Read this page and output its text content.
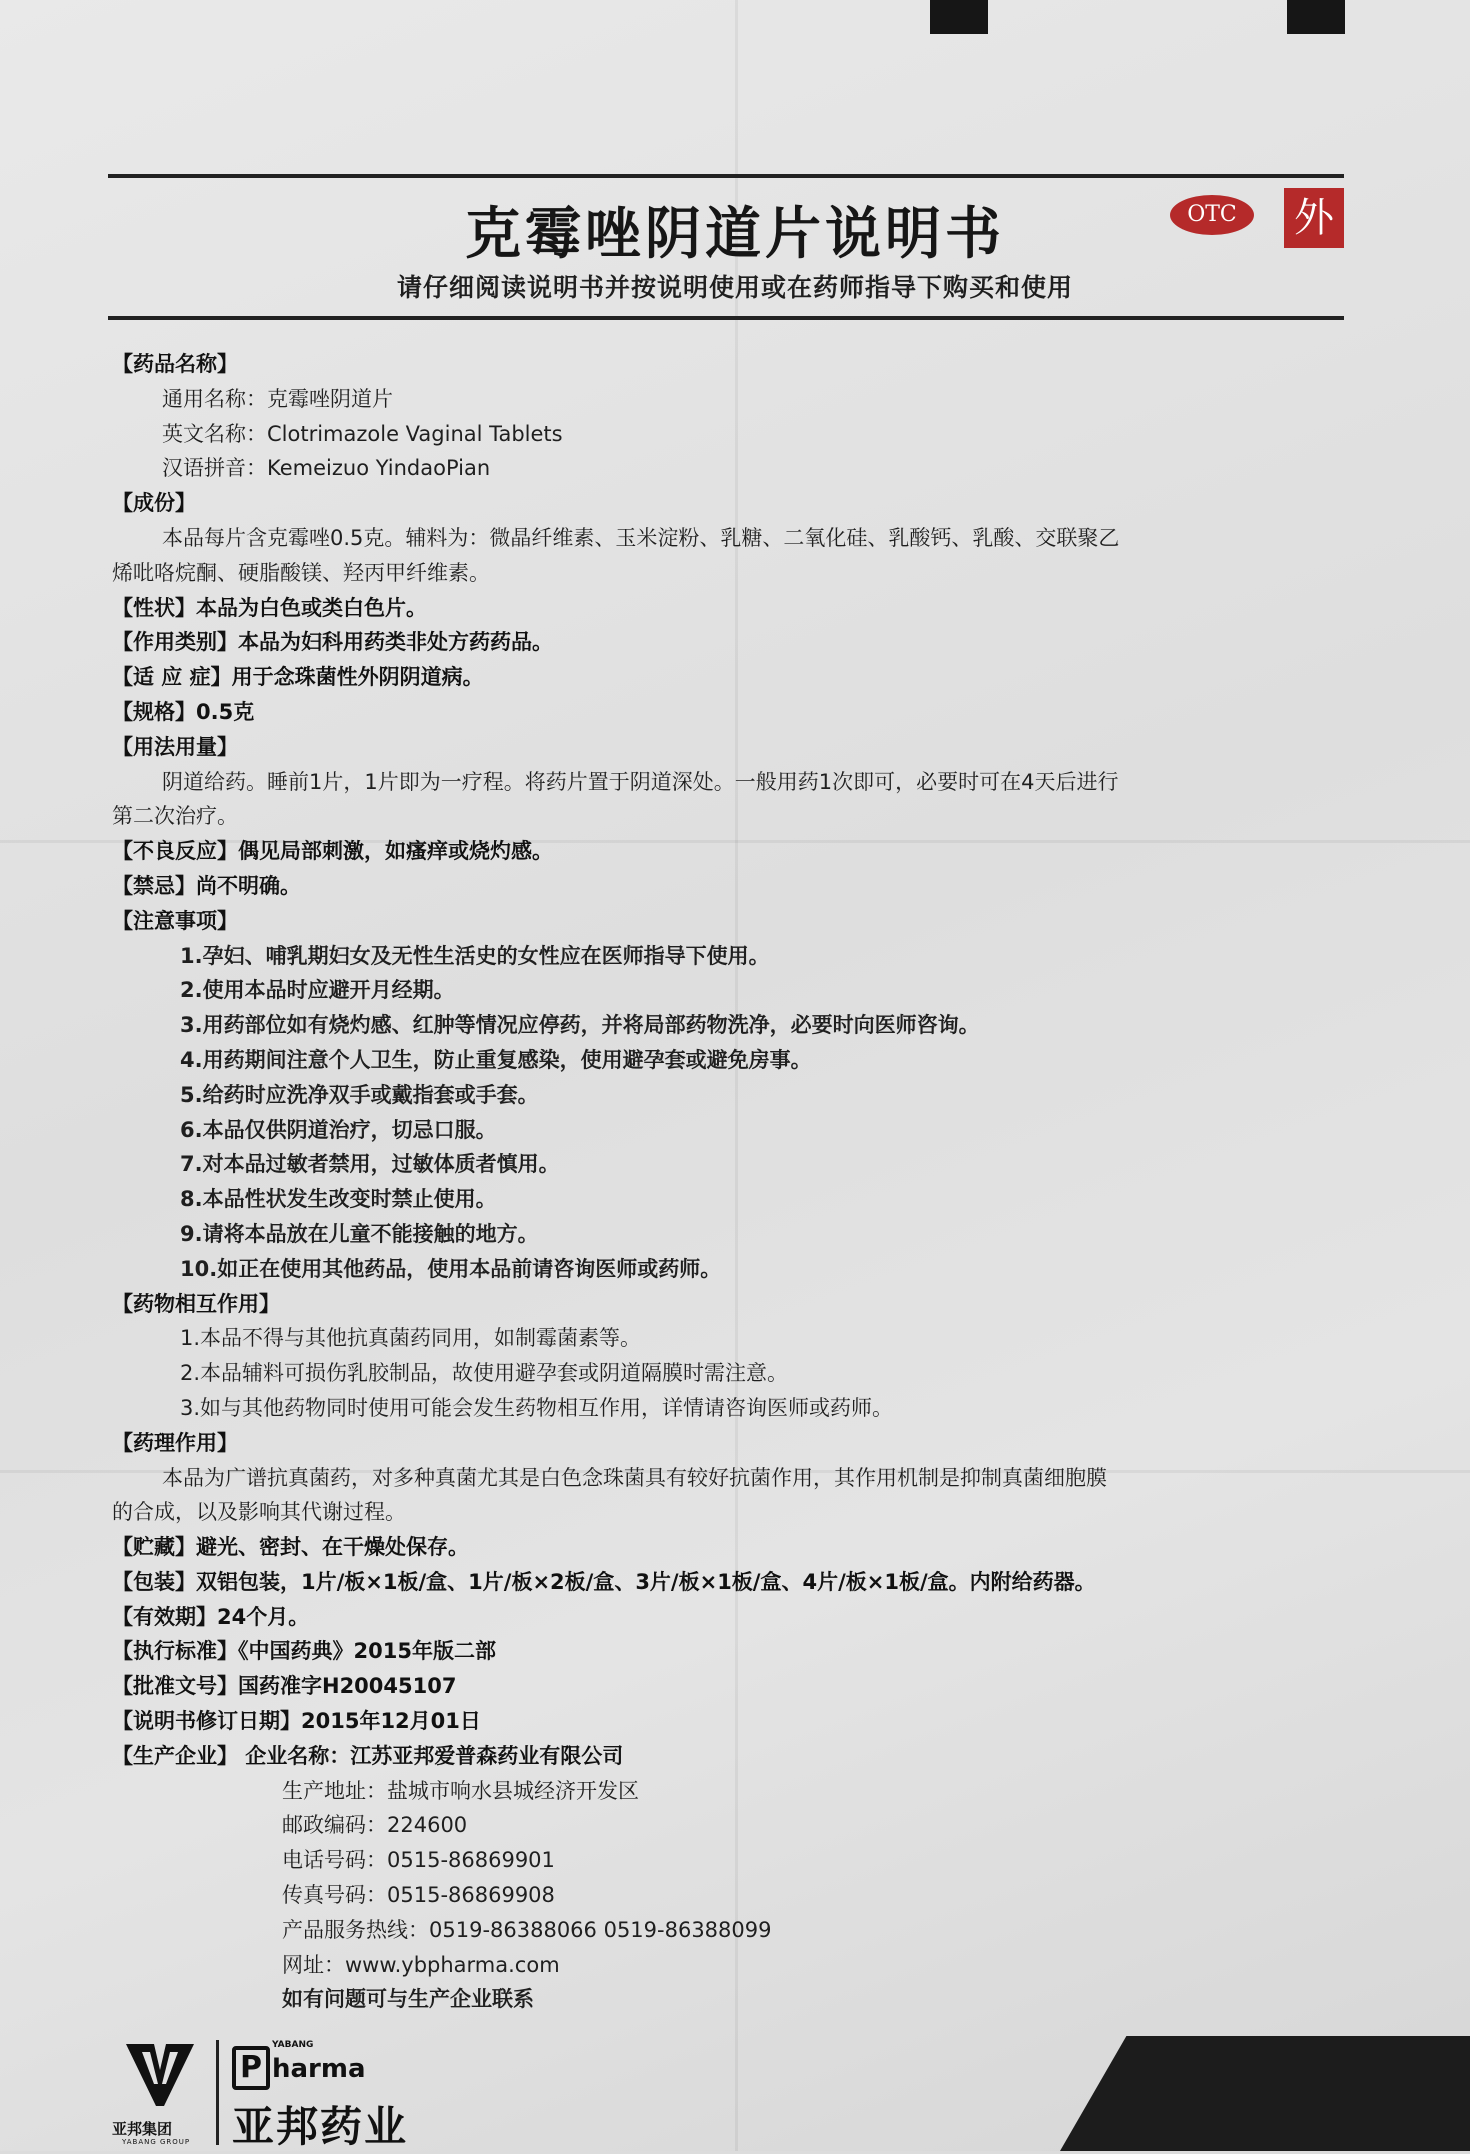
克霉唑阴道片说明书	OTC	外
请仔细阅读说明书并按说明使用或在药师指导下购买和使用
【药品名称】
通用名称：克霉唑阴道片
英文名称：Clotrimazole Vaginal Tablets
汉语拼音：Kemeizuo YindaoPian
【成份】
本品每片含克霉唑0.5克。辅料为：微晶纤维素、玉米淀粉、乳糖、二氧化硅、乳酸钙、乳酸、交联聚乙
烯吡咯烷酮、硬脂酸镁、羟丙甲纤维素。
【性状】本品为白色或类白色片。
【作用类别】本品为妇科用药类非处方药药品。
【适 应 症】用于念珠菌性外阴阴道病。
【规格】0.5克
【用法用量】
阴道给药。睡前1片，1片即为一疗程。将药片置于阴道深处。一般用药1次即可，必要时可在4天后进行
第二次治疗。
【不良反应】偶见局部刺激，如瘙痒或烧灼感。
【禁忌】尚不明确。
【注意事项】
1.孕妇、哺乳期妇女及无性生活史的女性应在医师指导下使用。
2.使用本品时应避开月经期。
3.用药部位如有烧灼感、红肿等情况应停药，并将局部药物洗净，必要时向医师咨询。
4.用药期间注意个人卫生，防止重复感染，使用避孕套或避免房事。
5.给药时应洗净双手或戴指套或手套。
6.本品仅供阴道治疗，切忌口服。
7.对本品过敏者禁用，过敏体质者慎用。
8.本品性状发生改变时禁止使用。
9.请将本品放在儿童不能接触的地方。
10.如正在使用其他药品，使用本品前请咨询医师或药师。
【药物相互作用】
1.本品不得与其他抗真菌药同用，如制霉菌素等。
2.本品辅料可损伤乳胶制品，故使用避孕套或阴道隔膜时需注意。
3.如与其他药物同时使用可能会发生药物相互作用，详情请咨询医师或药师。
【药理作用】
本品为广谱抗真菌药，对多种真菌尤其是白色念珠菌具有较好抗菌作用，其作用机制是抑制真菌细胞膜
的合成，以及影响其代谢过程。
【贮藏】避光、密封、在干燥处保存。
【包装】双铝包装，1片/板×1板/盒、1片/板×2板/盒、3片/板×1板/盒、4片/板×1板/盒。内附给药器。
【有效期】24个月。
【执行标准】《中国药典》2015年版二部
【批准文号】国药准字H20045107
【说明书修订日期】2015年12月01日
【生产企业】 企业名称：江苏亚邦爱普森药业有限公司
生产地址：盐城市响水县城经济开发区
邮政编码：224600
电话号码：0515-86869901
传真号码：0515-86869908
产品服务热线：0519-86388066 0519-86388099
网址：www.ybpharma.com
如有问题可与生产企业联系
亚邦集团
YABANG GROUP
YABANG
P harma
亚邦药业
